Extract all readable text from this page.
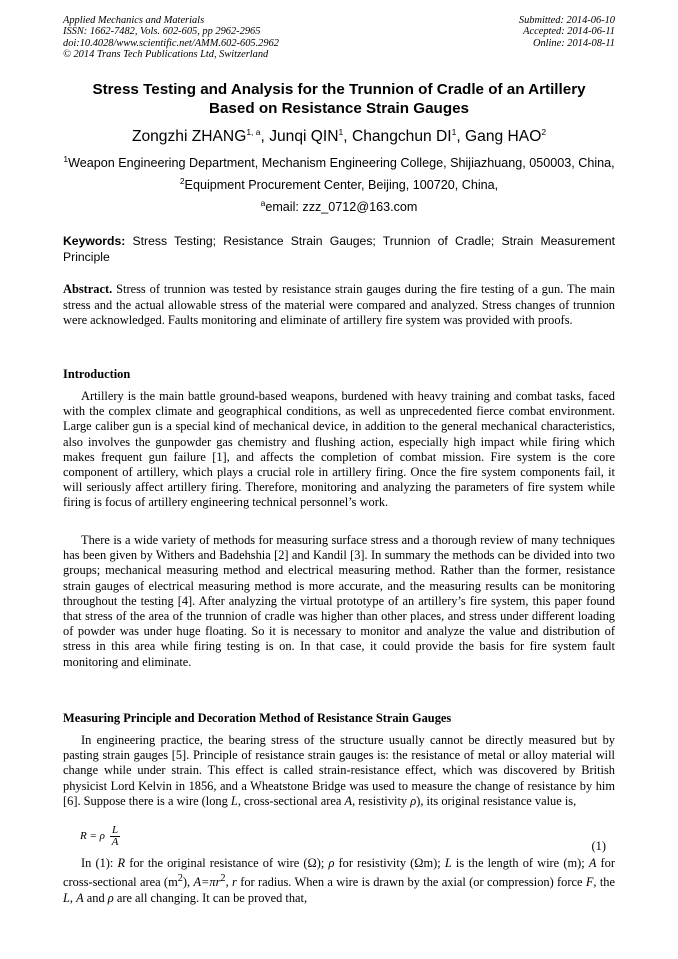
Applied Mechanics and Materials
ISSN: 1662-7482, Vols. 602-605, pp 2962-2965
doi:10.4028/www.scientific.net/AMM.602-605.2962
© 2014 Trans Tech Publications Ltd, Switzerland
Submitted: 2014-06-10
Accepted: 2014-06-11
Online: 2014-08-11
Stress Testing and Analysis for the Trunnion of Cradle of an Artillery
Based on Resistance Strain Gauges
Zongzhi ZHANG$^{1, a}$, Junqi QIN$^1$, Changchun $DI^1$, Gang HAO$^2$
$^1$Weapon Engineering Department, Mechanism Engineering College, Shijiazhuang, 050003, China,
$^2$Equipment Procurement Center, Beijing, 100720, China,
$^a$email: zzz_0712@163.com
Keywords: Stress Testing; Resistance Strain Gauges; Trunnion of Cradle; Strain Measurement Principle
Abstract. Stress of trunnion was tested by resistance strain gauges during the fire testing of a gun. The main stress and the actual allowable stress of the material were compared and analyzed. Stress changes of trunnion were acknowledged. Faults monitoring and eliminate of artillery fire system was provided with proofs.
Introduction

Artillery is the main battle ground-based weapons, burdened with heavy training and combat tasks, faced with the complex climate and geographical conditions, as well as unprecedented fierce combat environment. Large caliber gun is a special kind of mechanical device, in addition to the general mechanical characteristics, also involves the gunpowder gas chemistry and flushing action, especially high impact while firing which makes frequent gun failure [1], and affects the completion of combat mission. Fire system is the core component of artillery, which plays a crucial role in artillery firing. Once the fire system components fail, it will seriously affect artillery firing. Therefore, monitoring and analyzing the parameters of fire system while firing is focus of artillery engineering technical personnel’s work.

There is a wide variety of methods for measuring surface stress and a thorough review of many techniques has been given by Withers and Badehshia [2] and Kandil [3]. In summary the methods can be divided into two groups; mechanical measuring method and electrical measuring method. Rather than the former, resistance strain gauges of electrical measuring method is more accurate, and the measuring results can be monitoring throughout the testing [4]. After analyzing the virtual prototype of an artillery’s fire system, this paper found that stress of the area of the trunnion of cradle was higher than other places, and stress under different loading of powder was under huge floating. So it is necessary to monitor and analyze the value and distribution of stress in this area while firing testing is on. In that case, it could provide the basis for fire system fault monitoring and eliminate.

Measuring Principle and Decoration Method of Resistance Strain Gauges

In engineering practice, the bearing stress of the structure usually cannot be directly measured but by pasting strain gauges [5]. Principle of resistance strain gauges is: the resistance of metal or alloy material will change while under strain. This effect is called strain-resistance effect, which was discovered by British physicist Lord Kelvin in 1856, and a Wheatstone Bridge was used to measure the change of resistance by him [6]. Suppose there is a wire (long L, cross-sectional area A, resistivity ρ), its original resistance value is,

R = ρ $\frac{L}{A}$	(1)

In (1): R for the original resistance of wire (Ω); ρ for resistivity (Ωm); L is the length of wire (m); A for cross-sectional area $(m^2)$, $A=\pi r^2$, r for radius. When a wire is drawn by the axial (or compression) force F, the L, A and ρ are all changing. It can be proved that,
